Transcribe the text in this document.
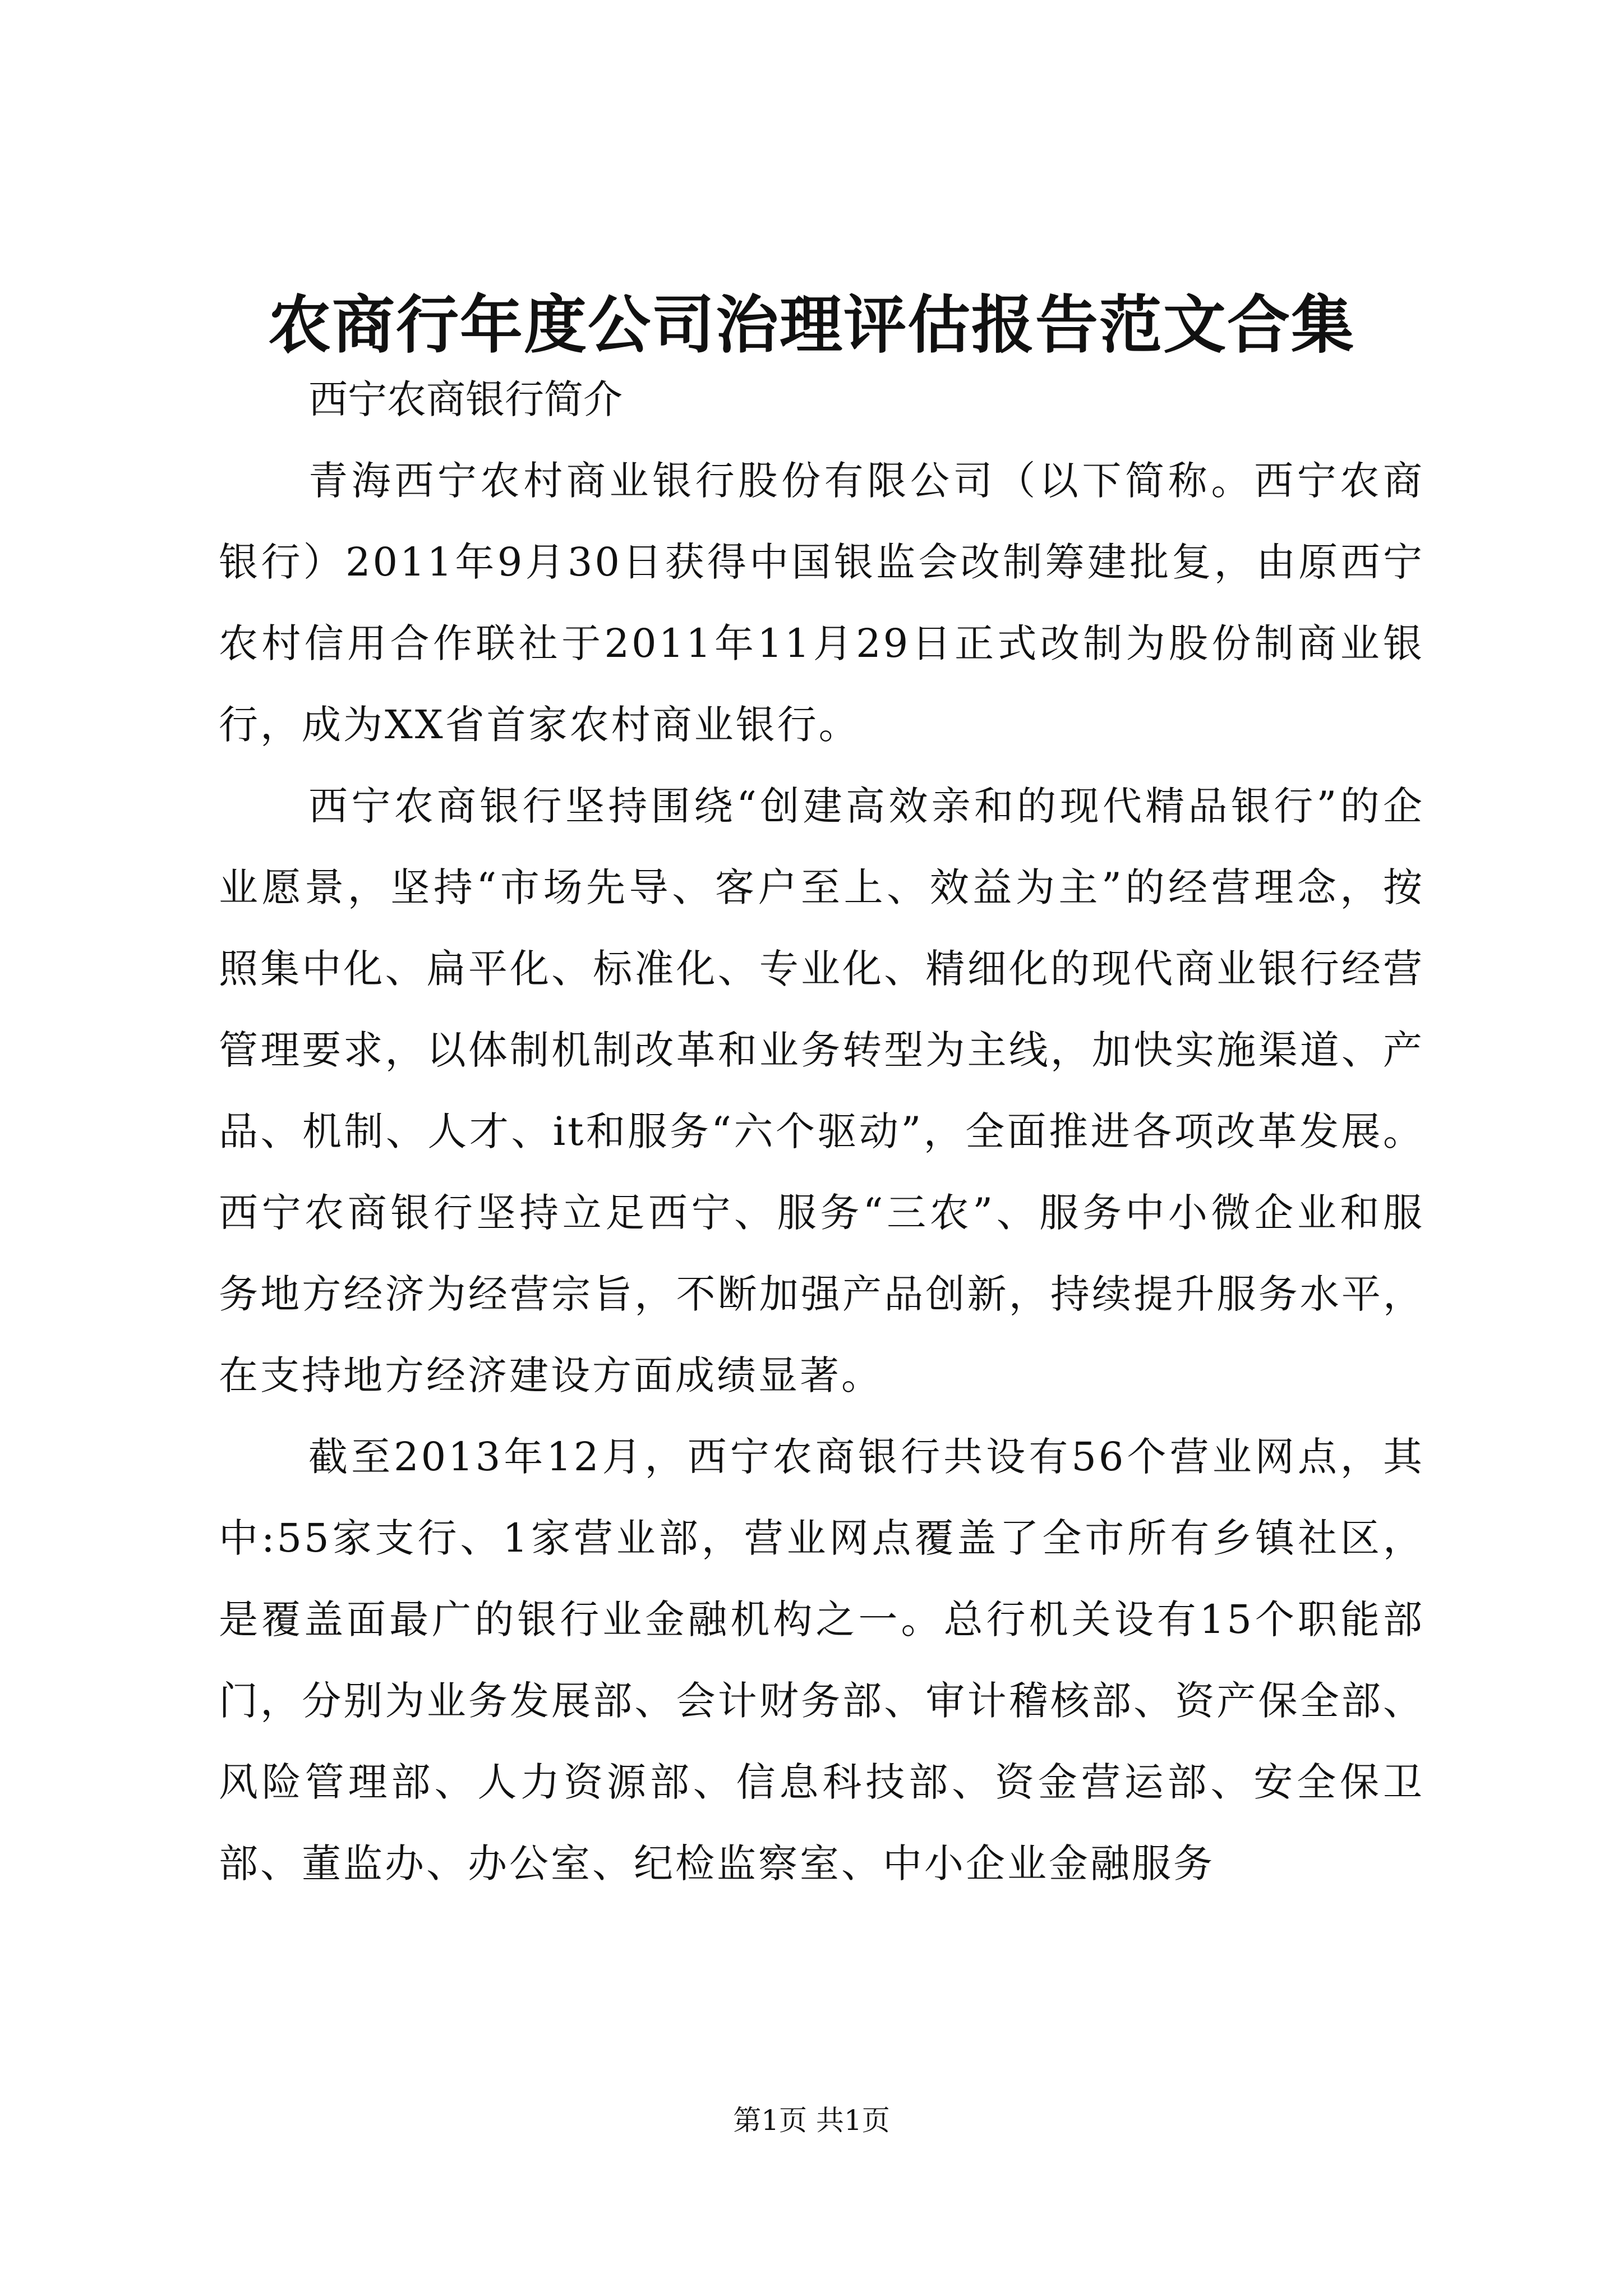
农商行年度公司治理评估报告范文合集

西宁农商银行简介

青海西宁农村商业银行股份有限公司（以下简称。西宁农商银行）2011年9月30日获得中国银监会改制筹建批复，由原西宁农村信用合作联社于2011年11月29日正式改制为股份制商业银行，成为XX省首家农村商业银行。

西宁农商银行坚持围绕“创建高效亲和的现代精品银行”的企业愿景，坚持“市场先导、客户至上、效益为主”的经营理念，按照集中化、扁平化、标准化、专业化、精细化的现代商业银行经营管理要求，以体制机制改革和业务转型为主线，加快实施渠道、产品、机制、人才、it和服务“六个驱动”，全面推进各项改革发展。西宁农商银行坚持立足西宁、服务“三农”、服务中小微企业和服务地方经济为经营宗旨，不断加强产品创新，持续提升服务水平，在支持地方经济建设方面成绩显著。

截至2013年12月，西宁农商银行共设有56个营业网点，其中:55家支行、1家营业部，营业网点覆盖了全市所有乡镇社区，是覆盖面最广的银行业金融机构之一。总行机关设有15个职能部门，分别为业务发展部、会计财务部、审计稽核部、资产保全部、风险管理部、人力资源部、信息科技部、资金营运部、安全保卫部、董监办、办公室、纪检监察室、中小企业金融服务

第1页 共1页
